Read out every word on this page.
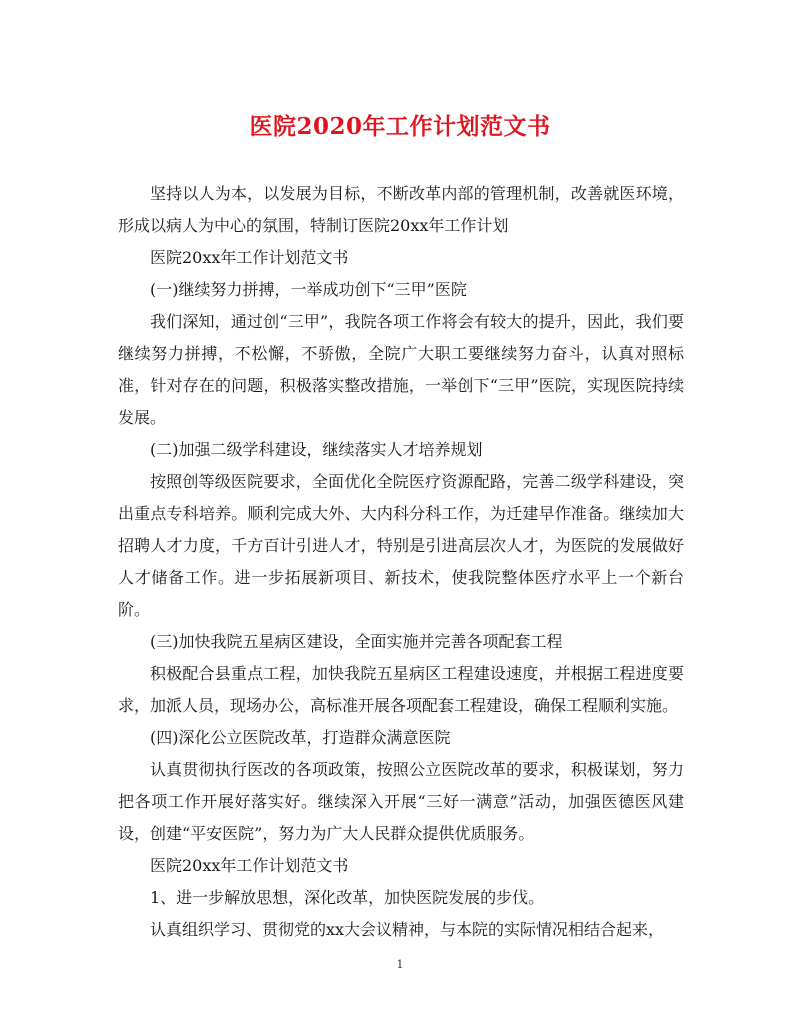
医院2020年工作计划范文书

坚持以人为本，以发展为目标，不断改革内部的管理机制，改善就医环境，形成以病人为中心的氛围，特制订医院20xx年工作计划

医院20xx年工作计划范文书

(一)继续努力拼搏，一举成功创下“三甲”医院

我们深知，通过创“三甲”，我院各项工作将会有较大的提升，因此，我们要继续努力拼搏，不松懈，不骄傲，全院广大职工要继续努力奋斗，认真对照标准，针对存在的问题，积极落实整改措施，一举创下“三甲”医院，实现医院持续发展。

(二)加强二级学科建设，继续落实人才培养规划

按照创等级医院要求，全面优化全院医疗资源配路，完善二级学科建设，突出重点专科培养。顺利完成大外、大内科分科工作，为迁建早作准备。继续加大招聘人才力度，千方百计引进人才，特别是引进高层次人才，为医院的发展做好人才储备工作。进一步拓展新项目、新技术，使我院整体医疗水平上一个新台阶。

(三)加快我院五星病区建设，全面实施并完善各项配套工程

积极配合县重点工程，加快我院五星病区工程建设速度，并根据工程进度要求，加派人员，现场办公，高标准开展各项配套工程建设，确保工程顺利实施。

(四)深化公立医院改革，打造群众满意医院

认真贯彻执行医改的各项政策，按照公立医院改革的要求，积极谋划，努力把各项工作开展好落实好。继续深入开展“三好一满意”活动，加强医德医风建设，创建“平安医院”，努力为广大人民群众提供优质服务。

医院20xx年工作计划范文书

1、进一步解放思想，深化改革，加快医院发展的步伐。

认真组织学习、贯彻党的xx大会议精神，与本院的实际情况相结合起来，

1
